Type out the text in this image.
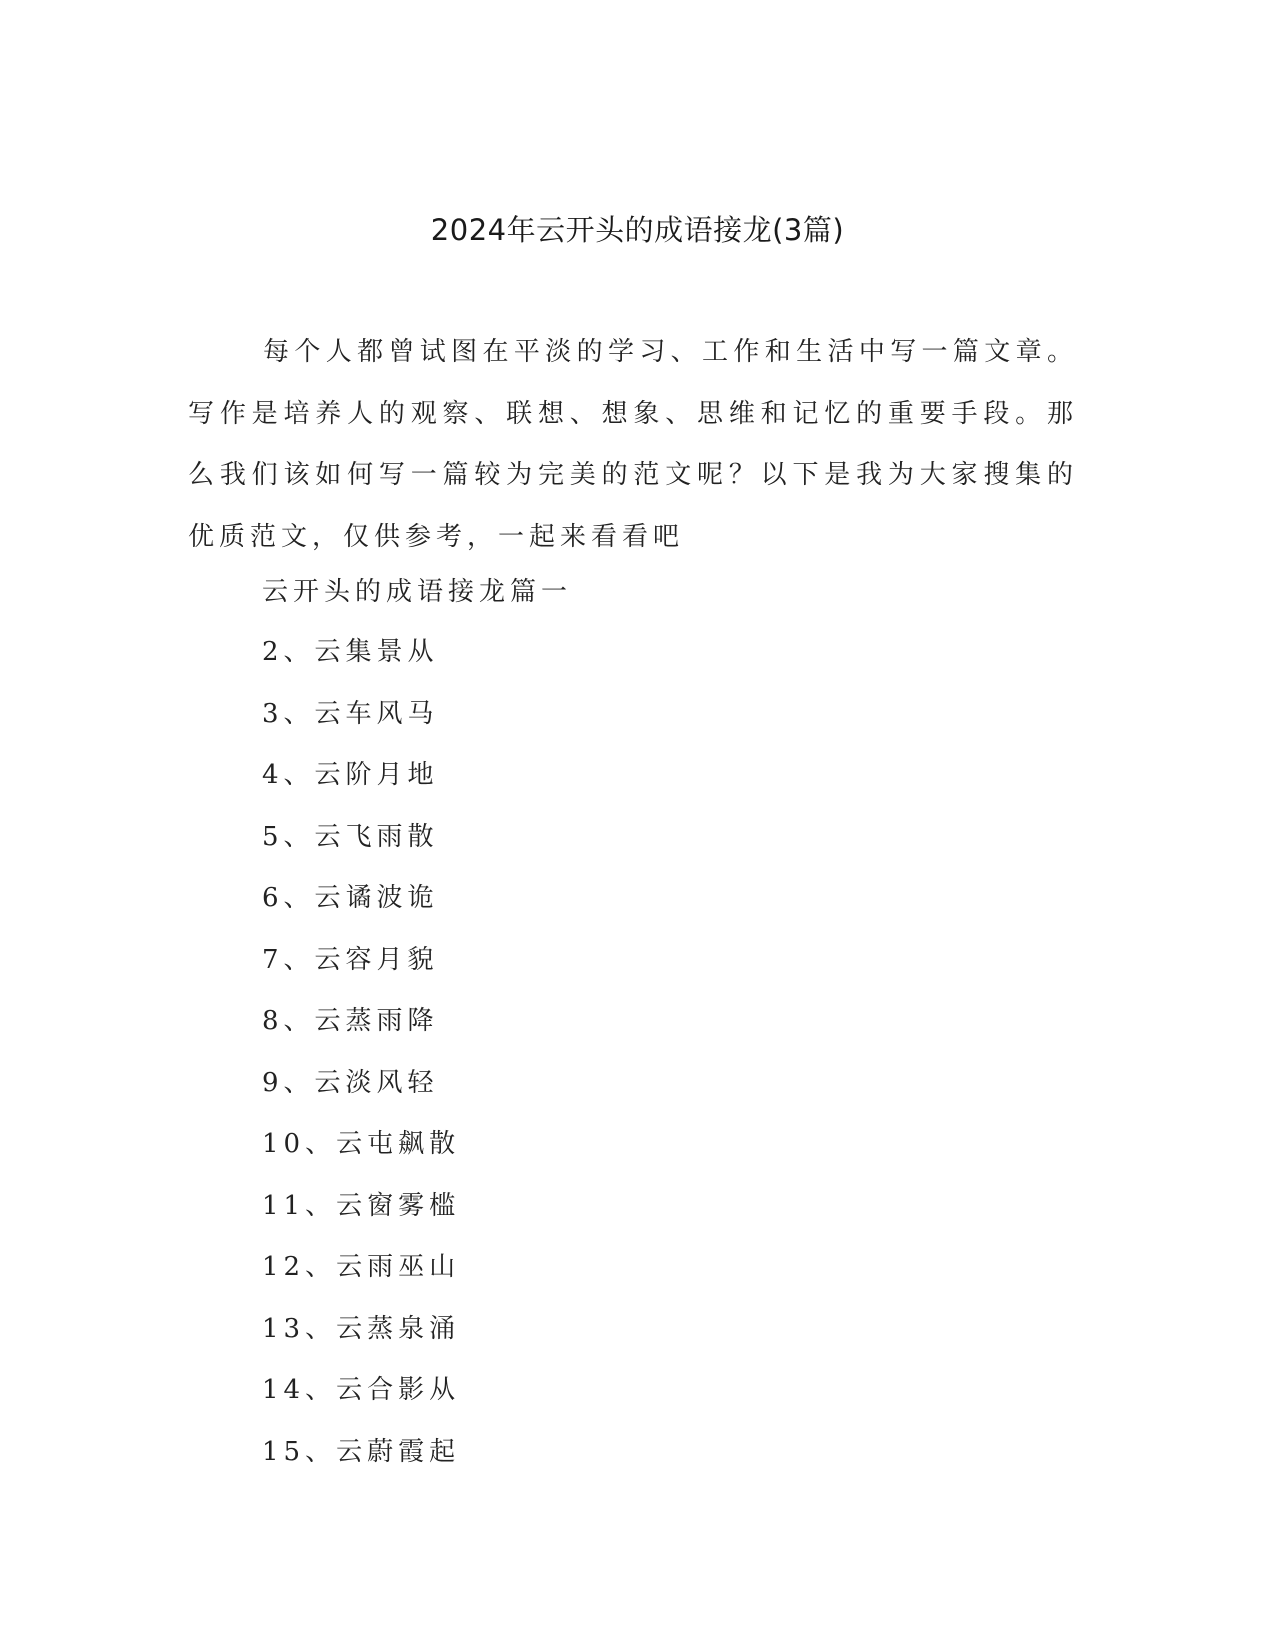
2024年云开头的成语接龙(3篇)

每个人都曾试图在平淡的学习、工作和生活中写一篇文章。写作是培养人的观察、联想、想象、思维和记忆的重要手段。那么我们该如何写一篇较为完美的范文呢？以下是我为大家搜集的优质范文，仅供参考，一起来看看吧

云开头的成语接龙篇一
2、云集景从
3、云车风马
4、云阶月地
5、云飞雨散
6、云谲波诡
7、云容月貌
8、云蒸雨降
9、云淡风轻
10、云屯飙散
11、云窗雾槛
12、云雨巫山
13、云蒸泉涌
14、云合影从
15、云蔚霞起
